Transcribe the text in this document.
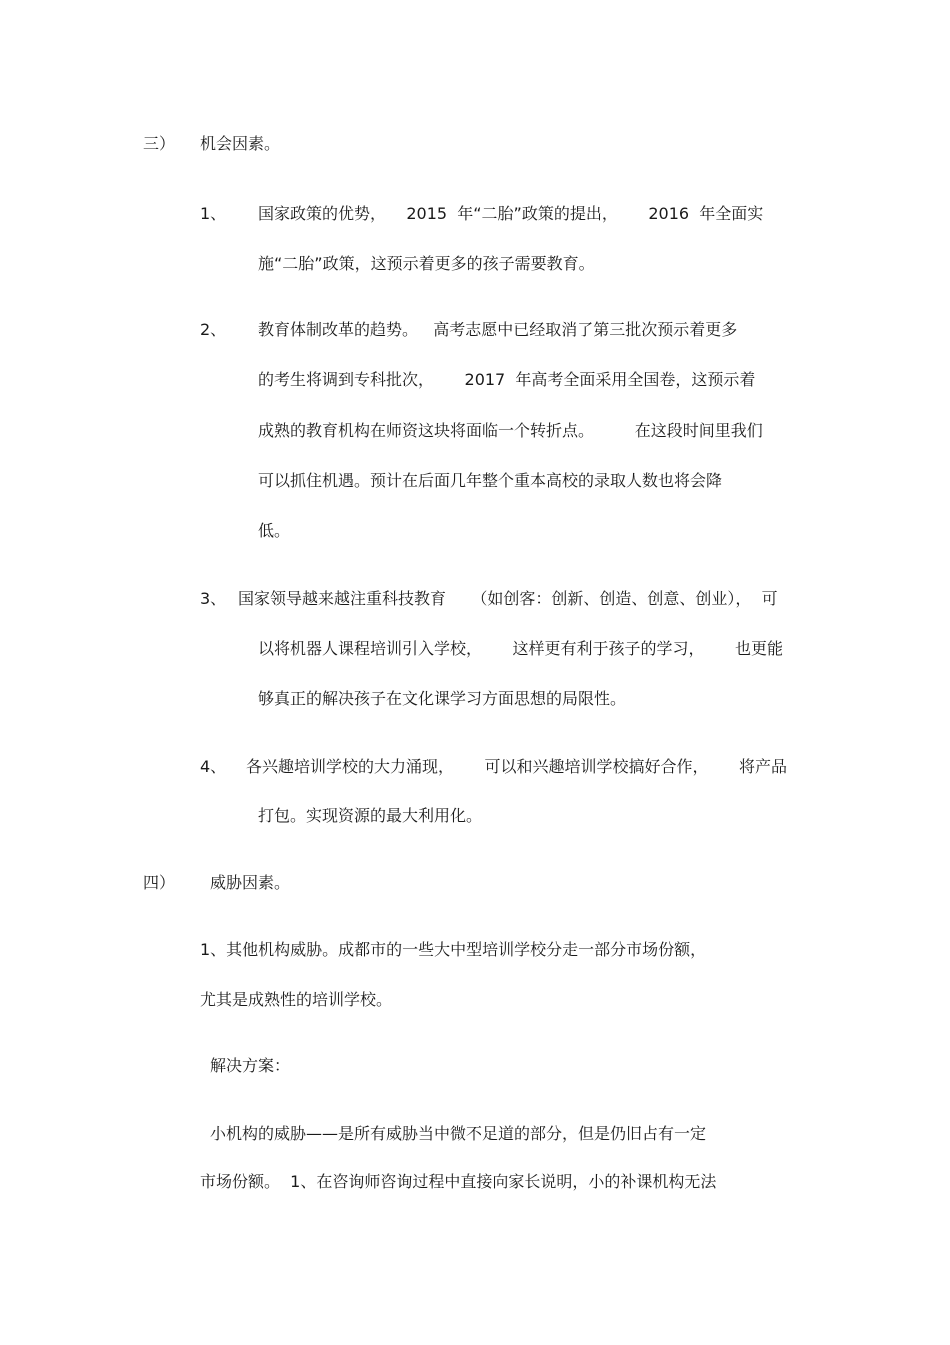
三） 机会因素。
1、 国家政策的优势，    2015  年“二胎”政策的提出，      2016  年全面实
施“二胎”政策，这预示着更多的孩子需要教育。
2、 教育体制改革的趋势。   高考志愿中已经取消了第三批次预示着更多
的考生将调到专科批次，      2017  年高考全面采用全国卷，这预示着
成熟的教育机构在师资这块将面临一个转折点。        在这段时间里我们
可以抓住机遇。预计在后面几年整个重本高校的录取人数也将会降
低。
3、 国家领导越来越注重科技教育     （如创客：创新、创造、创意、创业），  可
以将机器人课程培训引入学校，      这样更有利于孩子的学习，      也更能
够真正的解决孩子在文化课学习方面思想的局限性。
4、 各兴趣培训学校的大力涌现，      可以和兴趣培训学校搞好合作，      将产品
打包。实现资源的最大利用化。
四） 威胁因素。
1、其他机构威胁。成都市的一些大中型培训学校分走一部分市场份额，
尤其是成熟性的培训学校。
解决方案：
小机构的威胁——是所有威胁当中微不足道的部分，但是仍旧占有一定
市场份额。  1、在咨询师咨询过程中直接向家长说明，小的补课机构无法
